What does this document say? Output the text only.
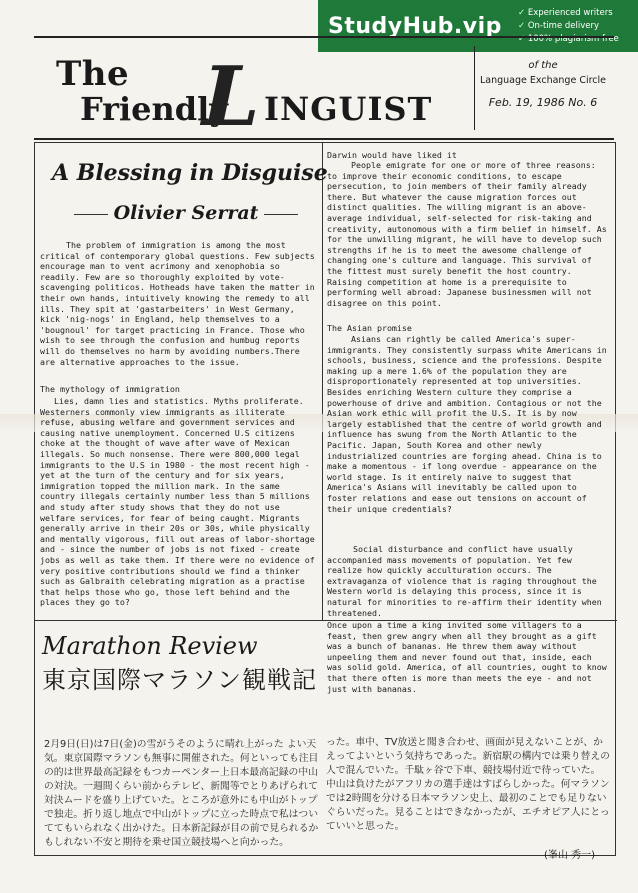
StudyHub.vip
✓ Experienced writers
✓ On-time delivery
✓ 100% plagiarism free
The
Friendly
L
INGUIST
of the
Language Exchange Circle
Feb. 19, 1986 No. 6
A Blessing in Disguise
Olivier Serrat
The problem of immigration is among the most critical of contemporary global questions. Few subjects encourage man to vent acrimony and xenophobia so readily. Few are so thoroughly exploited by vote-scavenging politicos. Hotheads have taken the matter in their own hands, intuitively knowing the remedy to all ills. They spit at 'gastarbeiters' in West Germany, kick 'nig-nogs' in England, help themselves to a 'bougnoul' for target practicing in France. Those who wish to see through the confusion and humbug reports will do themselves no harm by avoiding numbers.There are alternative approaches to the issue.
The mythology of immigration
Lies, damn lies and statistics. Myths proliferate. Westerners commonly view immigrants as illiterate refuse, abusing welfare and government services and causing native unemployment. Concerned U.S citizens choke at the thought of wave after wave of Mexican illegals. So much nonsense. There were 800,000 legal immigrants to the U.S in 1980 - the most recent high - yet at the turn of the century and for six years, immigration topped the million mark. In the same country illegals certainly number less than 5 millions and study after study shows that they do not use welfare services, for fear of being caught. Migrants generally arrive in their 20s or 30s, while physically and mentally vigorous, fill out areas of labor-shortage and - since the number of jobs is not fixed - create jobs as well as take them. If there were no evidence of very positive contributions should we find a thinker such as Galbraith celebrating migration as a practise that helps those who go, those left behind and the places they go to?
Darwin would have liked it

People emigrate for one or more of three reasons: to improve their economic conditions, to escape persecution, to join members of their family already there. But whatever the cause migration forces out distinct qualities. The willing migrant is an above-average individual, self-selected for risk-taking and creativity, autonomous with a firm belief in himself. As for the unwilling migrant, he will have to develop such strengths if he is to meet the awesome challenge of changing one's culture and language. This survival of the fittest must surely benefit the host country. Raising competition at home is a prerequisite to performing well abroad: Japanese businessmen will not disagree on this point.

The Asian promise

Asians can rightly be called America's super-immigrants. They consistently surpass white Americans in schools, business, science and the professions. Despite making up a mere 1.6% of the population they are disproportionately represented at top universities. Besides enriching Western culture they comprise a powerhouse of drive and ambition. Contagious or not the Asian work ethic will profit the U.S. It is by now largely established that the centre of world growth and influence has swung from the North Atlantic to the Pacific. Japan, South Korea and other newly industrialized countries are forging ahead. China is to make a momentous - if long overdue - appearance on the world stage. Is it entirely naive to suggest that America's Asians will inevitably be called upon to foster relations and ease out tensions on account of their unique credentials?

Social disturbance and conflict have usually accompanied mass movements of population. Yet few realize how quickly acculturation occurs. The extravaganza of violence that is raging throughout the Western world is delaying this process, since it is natural for minorities to re-affirm their identity when threatened.
Once upon a time a king invited some villagers to a feast, then grew angry when all they brought as a gift was a bunch of bananas. He threw them away without unpeeling them and never found out that, inside, each was solid gold. America, of all countries, ought to know that there often is more than meets the eye - and not just with bananas.
Marathon Review
東京国際マラソン観戦記
2月9日(日)は7日(金)の雪がうそのように晴れ上がった よい天気。東京国際マラソンも無事に開催された。何といっても注目の的は世界最高記録をもつカーペンター上日本最高記録の中山の対決。一週間くらい前からテレビ、新聞等でとりあげられて対決ムードを盛り上げていた。ところが意外にも中山がトップで独走。折り返し地点で中山がトップに立った時点で私はついててもいられなく出かけた。日本新記録が目の前で見られるかもしれない不安と期待を乗せ国立競技場へと向かった。
った。車中、TV放送と聞き合わせ、画面が見えないことが、かえってよいという気持ちであった。新宿駅の構内では乗り替えの人で混んでいた。千駄ヶ谷で下車、競技場付近で待っていた。中山は負けたがアフリカの選手達はすばらしかった。何マラソンでは2時間を分ける日本マラソン史上、最初のことでも足りないぐらいだった。見ることはできなかったが、エチオピア人にとっていいと思った。
(峯山 秀一)
